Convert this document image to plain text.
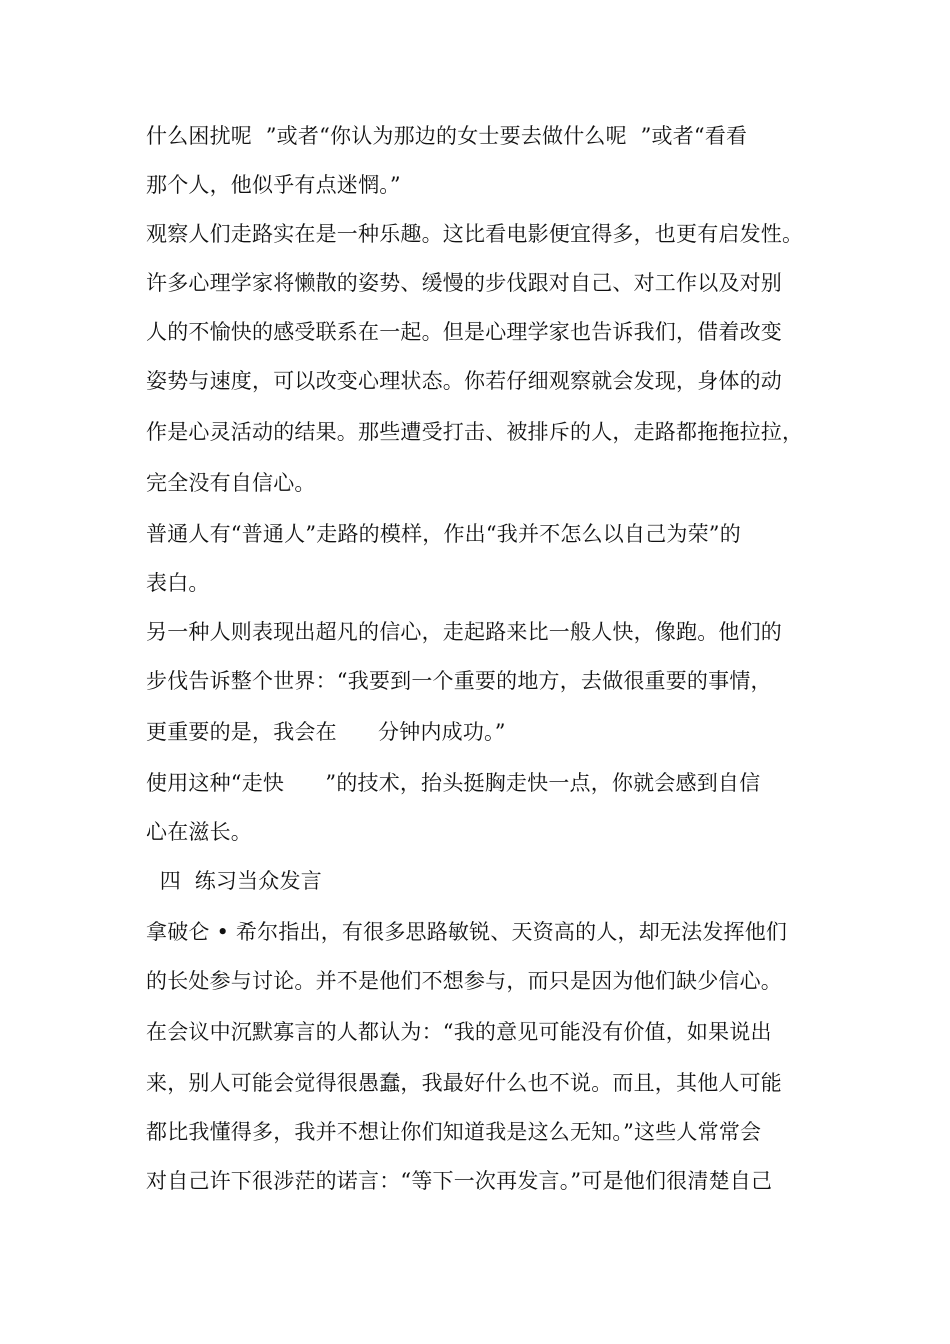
什么困扰呢  ”或者“你认为那边的女士要去做什么呢  ”或者“看看
那个人，他似乎有点迷惘。”
观察人们走路实在是一种乐趣。这比看电影便宜得多，也更有启发性。
许多心理学家将懒散的姿势、缓慢的步伐跟对自己、对工作以及对别
人的不愉快的感受联系在一起。但是心理学家也告诉我们，借着改变
姿势与速度，可以改变心理状态。你若仔细观察就会发现，身体的动
作是心灵活动的结果。那些遭受打击、被排斥的人，走路都拖拖拉拉，
完全没有自信心。
普通人有“普通人”走路的模样，作出“我并不怎么以自己为荣”的
表白。
另一种人则表现出超凡的信心，走起路来比一般人快，像跑。他们的
步伐告诉整个世界：“我要到一个重要的地方，去做很重要的事情，
更重要的是，我会在      分钟内成功。”
使用这种“走快      ”的技术，抬头挺胸走快一点，你就会感到自信
心在滋长。
四  练习当众发言
拿破仑 • 希尔指出，有很多思路敏锐、天资高的人，却无法发挥他们
的长处参与讨论。并不是他们不想参与，而只是因为他们缺少信心。
在会议中沉默寡言的人都认为：“我的意见可能没有价值，如果说出
来，别人可能会觉得很愚蠢，我最好什么也不说。而且，其他人可能
都比我懂得多，我并不想让你们知道我是这么无知。”这些人常常会
对自己许下很涉茫的诺言：“等下一次再发言。”可是他们很清楚自己
